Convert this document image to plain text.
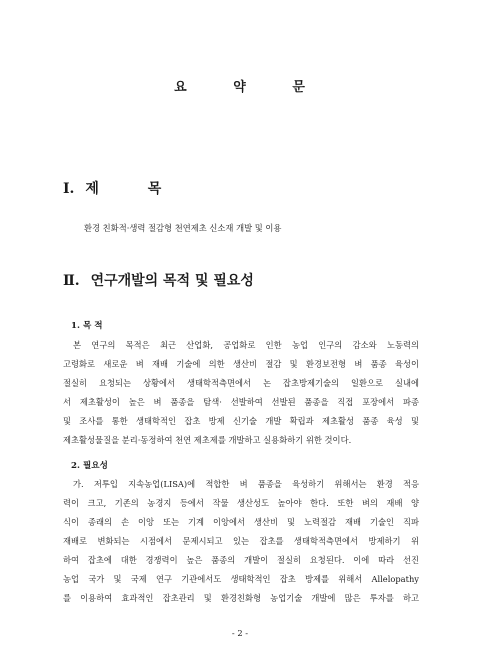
요	약	문
Ⅰ. 제	목
환경 친화적·생력 절감형 천연제초 신소재 개발 및 이용
Ⅱ. 연구개발의 목적 및 필요성
1. 목 적
본 연구의 목적은 최근 산업화, 공업화로 인한 농업 인구의 감소와 노동력의
고령화로 새로운 벼 재배 기술에 의한 생산비 절감 및 환경보전형 벼 품종 육성이
절실히 요청되는 상황에서 생태학적측면에서 논 잡초방제기술의 일환으로 실내에
서 제초활성이 높은 벼 품종을 탐색· 선발하여 선발된 품종을 직접 포장에서 파종
및 조사를 통한 생태학적인 잡초 방제 신기술 개발 확립과 제초활성 품종 육성 및
제초활성물질을 분리·동정하여 천연 제초제를 개발하고 실용화하기 위한 것이다.
2. 필요성
가. 저투입 지속농업(LISA)에 적합한 벼 품종을 육성하기 위해서는 환경 적응
력이 크고, 기존의 농경지 등에서 작물 생산성도 높아야 한다. 또한 벼의 재배 양
식이 종래의 손 이앙 또는 기계 이앙에서 생산비 및 노력절감 재배 기술인 직파
재배로 변화되는 시점에서 문제시되고 있는 잡초를 생태학적측면에서 방제하기 위
하여 잡초에 대한 경쟁력이 높은 품종의 개발이 절실히 요청된다. 이에 따라 선진
농업 국가 및 국제 연구 기관에서도 생태학적인 잡초 방제를 위해서 Allelopathy
를 이용하여 효과적인 잡초관리 및 환경친화형 농업기술 개발에 많은 투자를 하고
- 2 -
